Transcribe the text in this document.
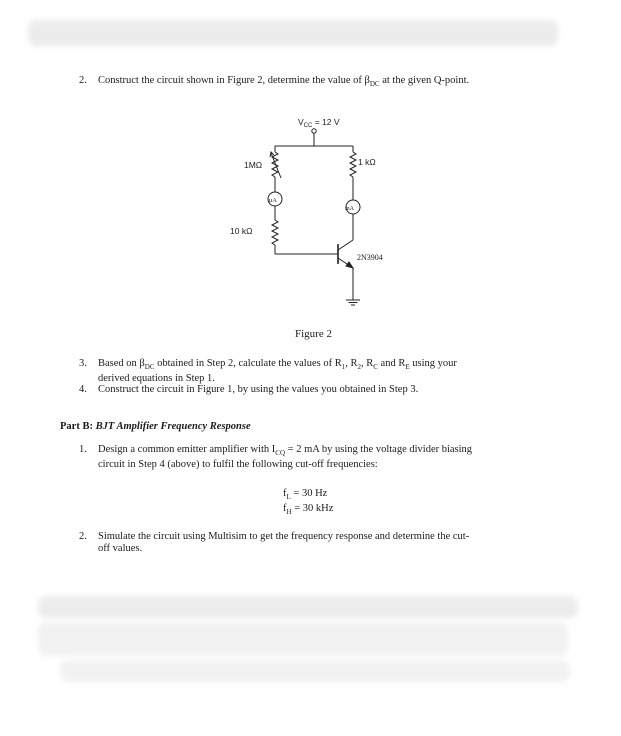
2. Construct the circuit shown in Figure 2, determine the value of $\beta_{DC}$ at the given Q-point.
$V_{CC} = 12$ V
1MΩ	1 kΩ
10 kΩ
µA
mA
2N3904
Figure 2
3. Based on $\beta_{DC}$ obtained in Step 2, calculate the values of $R_1$, $R_2$, $R_C$ and $R_E$ using your
derived equations in Step 1.
4. Construct the circuit in Figure 1, by using the values you obtained in Step 3.
Part B: BJT Amplifier Frequency Response
1. Design a common emitter amplifier with $I_{CQ} = 2$ mA by using the voltage divider biasing
circuit in Step 4 (above) to fulfil the following cut-off frequencies:
$f_L = 30$ Hz
$f_H = 30$ kHz
2. Simulate the circuit using Multisim to get the frequency response and determine the cut-
off values.
